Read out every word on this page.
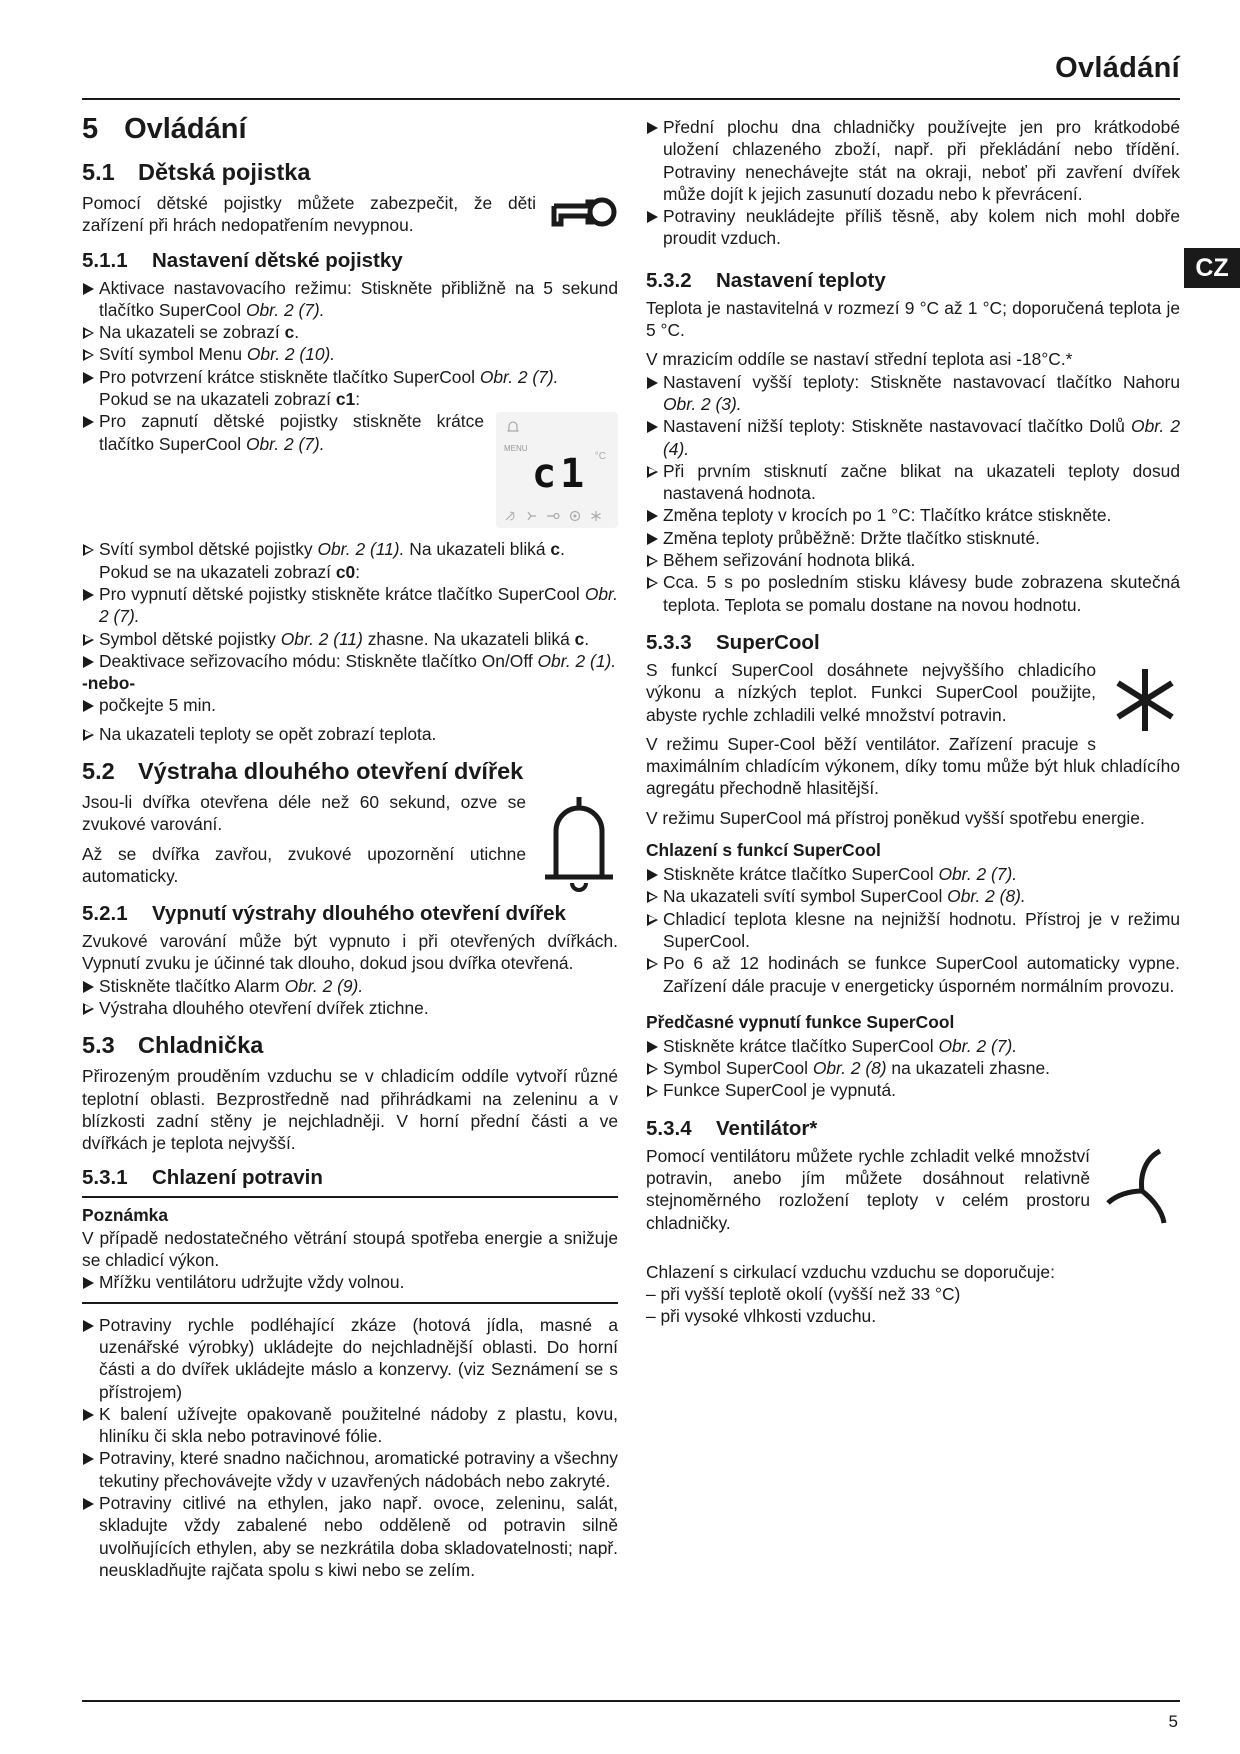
Ovládání
CZ
5 Ovládání
5.1 Dětská pojistka

Pomocí dětské pojistky můžete zabezpečit, že děti zařízení při hrách nedopatřením nevypnou.

5.1.1 Nastavení dětské pojistky
Aktivace nastavovacího režimu: Stiskněte přibližně na 5 sekund tlačítko SuperCool Obr. 2 (7).
Na ukazateli se zobrazí c.
Svítí symbol Menu Obr. 2 (10).
Pro potvrzení krátce stiskněte tlačítko SuperCool Obr. 2 (7).
Pokud se na ukazateli zobrazí c1:
MENU
°C
c1
Pro zapnutí dětské pojistky stiskněte krátce tlačítko SuperCool Obr. 2 (7).
Svítí symbol dětské pojistky Obr. 2 (11). Na ukazateli bliká c.
Pokud se na ukazateli zobrazí c0:
Pro vypnutí dětské pojistky stiskněte krátce tlačítko SuperCool Obr. 2 (7).
Symbol dětské pojistky Obr. 2 (11) zhasne. Na ukazateli bliká c.
Deaktivace seřizovacího módu: Stiskněte tlačítko On/Off Obr. 2 (1).
-nebo-
počkejte 5 min.
Na ukazateli teploty se opět zobrazí teplota.
5.2 Výstraha dlouhého otevření dvířek

Jsou-li dvířka otevřena déle než 60 sekund, ozve se zvukové varování.

Až se dvířka zavřou, zvukové upozornění utichne automaticky.

5.2.1 Vypnutí výstrahy dlouhého otevření dvířek
Zvukové varování může být vypnuto i při otevřených dvířkách. Vypnutí zvuku je účinné tak dlouho, dokud jsou dvířka otevřená.
Stiskněte tlačítko Alarm Obr. 2 (9).
Výstraha dlouhého otevření dvířek ztichne.
5.3 Chladnička

Přirozeným prouděním vzduchu se v chladicím oddíle vytvoří různé teplotní oblasti. Bezprostředně nad přihrádkami na zeleninu a v blízkosti zadní stěny je nejchladněji. V horní přední části a ve dvířkách je teplota nejvyšší.

5.3.1 Chlazení potravin
Poznámka
V případě nedostatečného větrání stoupá spotřeba energie a snižuje se chladicí výkon.
Mřížku ventilátoru udržujte vždy volnou.
Potraviny rychle podléhající zkáze (hotová jídla, masné a uzenářské výrobky) ukládejte do nejchladnější oblasti. Do horní části a do dvířek ukládejte máslo a konzervy. (viz Seznámení se s přístrojem)
K balení užívejte opakovaně použitelné nádoby z plastu, kovu, hliníku či skla nebo potravinové fólie.
Potraviny, které snadno načichnou, aromatické potraviny a všechny tekutiny přechovávejte vždy v uzavřených nádobách nebo zakryté.
Potraviny citlivé na ethylen, jako např. ovoce, zeleninu, salát, skladujte vždy zabalené nebo odděleně od potravin silně uvolňujících ethylen, aby se nezkrátila doba skladovatelnosti; např. neuskladňujte rajčata spolu s kiwi nebo se zelím.
Přední plochu dna chladničky používejte jen pro krátkodobé uložení chlazeného zboží, např. při překládání nebo třídění. Potraviny nenechávejte stát na okraji, neboť při zavření dvířek může dojít k jejich zasunutí dozadu nebo k převrácení.
Potraviny neukládejte příliš těsně, aby kolem nich mohl dobře proudit vzduch.
5.3.2 Nastavení teploty

Teplota je nastavitelná v rozmezí 9 °C až 1 °C; doporučená teplota je 5 °C.

V mrazicím oddíle se nastaví střední teplota asi -18°C.*
Nastavení vyšší teploty: Stiskněte nastavovací tlačítko Nahoru Obr. 2 (3).
Nastavení nižší teploty: Stiskněte nastavovací tlačítko Dolů Obr. 2 (4).
Při prvním stisknutí začne blikat na ukazateli teploty dosud nastavená hodnota.
Změna teploty v krocích po 1 °C: Tlačítko krátce stiskněte.
Změna teploty průběžně: Držte tlačítko stisknuté.
Během seřizování hodnota bliká.
Cca. 5 s po posledním stisku klávesy bude zobrazena skutečná teplota. Teplota se pomalu dostane na novou hodnotu.
5.3.3 SuperCool

S funkcí SuperCool dosáhnete nejvyššího chladicího výkonu a nízkých teplot. Funkci SuperCool použijte, abyste rychle zchladili velké množství potravin.

V režimu Super-Cool běží ventilátor. Zařízení pracuje s maximálním chladícím výkonem, díky tomu může být hluk chladícího agregátu přechodně hlasitější.

V režimu SuperCool má přístroj poněkud vyšší spotřebu energie.

Chlazení s funkcí SuperCool
Stiskněte krátce tlačítko SuperCool Obr. 2 (7).
Na ukazateli svítí symbol SuperCool Obr. 2 (8).
Chladicí teplota klesne na nejnižší hodnotu. Přístroj je v režimu SuperCool.
Po 6 až 12 hodinách se funkce SuperCool automaticky vypne. Zařízení dále pracuje v energeticky úsporném normálním provozu.
Předčasné vypnutí funkce SuperCool
Stiskněte krátce tlačítko SuperCool Obr. 2 (7).
Symbol SuperCool Obr. 2 (8) na ukazateli zhasne.
Funkce SuperCool je vypnutá.
5.3.4 Ventilátor*

Pomocí ventilátoru můžete rychle zchladit velké množství potravin, anebo jím můžete dosáhnout relativně stejnoměrného rozložení teploty v celém prostoru chladničky.

Chlazení s cirkulací vzduchu vzduchu se doporučuje:
– při vyšší teplotě okolí (vyšší než 33 °C)
– při vysoké vlhkosti vzduchu.
5
